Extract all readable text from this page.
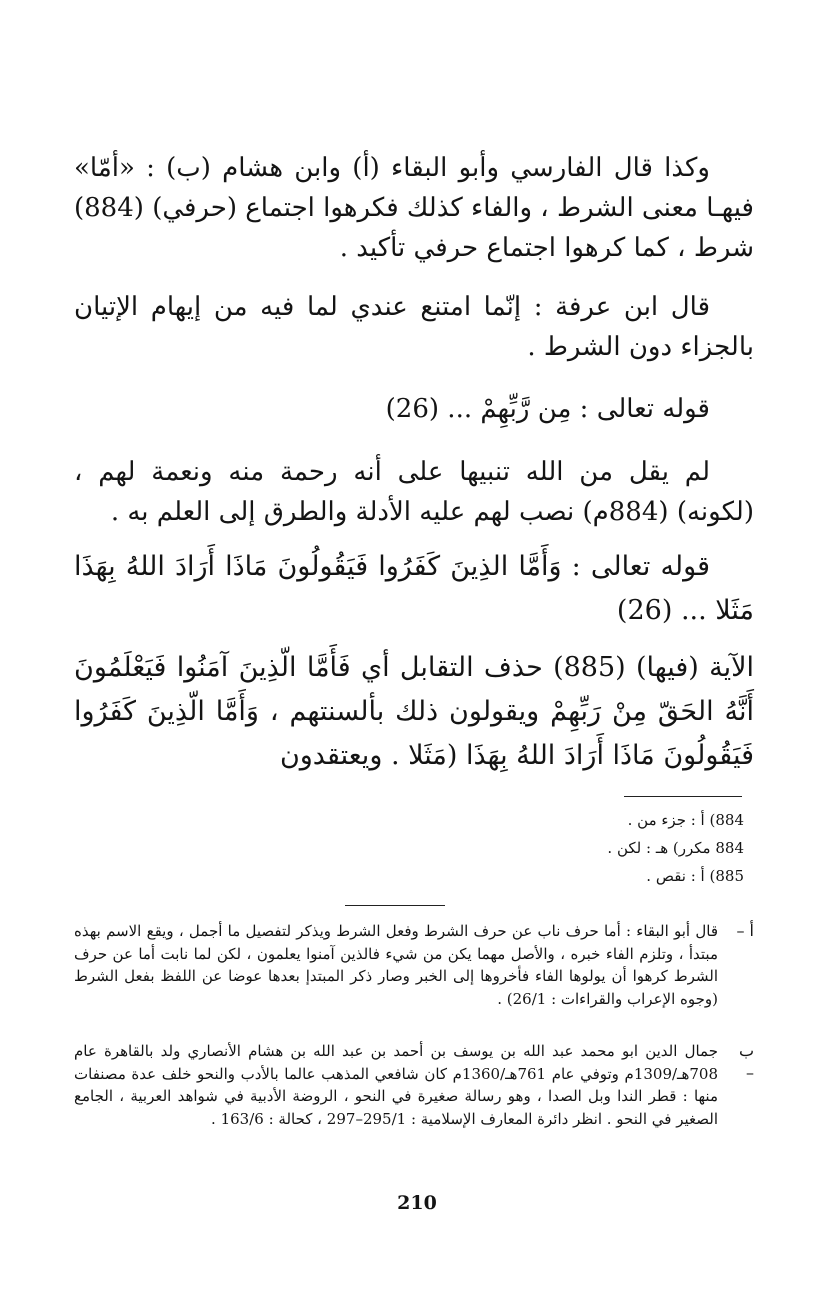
وكذا قال الفارسي وأبو البقاء (أ) وابن هشام (ب) : «أمّا» فيهـا معنى الشرط ، والفاء كذلك فكرهوا اجتماع (حرفي) (884) شرط ، كما كرهوا اجتماع حرفي تأكيد .

قال ابن عرفة : إنّما امتنع عندي لما فيه من إيهام الإتيان بالجزاء دون الشرط .

قوله تعالى : مِن رَّبِّهِمْ ... (26)

لم يقل من الله تنبيها على أنه رحمة منه ونعمة لهم ، (لكونه) (884م) نصب لهم عليه الأدلة والطرق إلى العلم به .

قوله تعالى : وَأَمَّا الذِينَ كَفَرُوا فَيَقُولُونَ مَاذَا أَرَادَ اللهُ بِهَذَا مَثَلا ... (26)

الآية (فيها) (885) حذف التقابل أي فَأَمَّا الّذِينَ آمَنُوا فَيَعْلَمُونَ أَنَّهُ الحَقّ مِنْ رَبِّهِمْ ويقولون ذلك بألسنتهم ، وَأَمَّا الّذِينَ كَفَرُوا فَيَقُولُونَ مَاذَا أَرَادَ اللهُ بِهَذَا (مَثَلا . ويعتقدون

884) أ : جزء من .

884 مكرر) هـ : لكن .

885) أ : نقص .

أ –

قال أبو البقاء : أما حرف ناب عن حرف الشرط وفعل الشرط ويذكر لتفصيل ما أجمل ، ويقع الاسم بهذه مبتدأ ، وتلزم الفاء خبره ، والأصل مهما يكن من شيء فالذين آمنوا يعلمون ، لكن لما نابت أما عن حرف الشرط كرهوا أن يولوها الفاء فأخروها إلى الخبر وصار ذكر المبتدإ بعدها عوضا عن اللفظ بفعل الشرط (وجوه الإعراب والقراءات : 26/1) .

ب –

جمال الدين ابو محمد عبد الله بن يوسف بن أحمد بن عبد الله بن هشام الأنصاري ولد بالقاهرة عام 708هـ/1309م وتوفي عام 761هـ/1360م كان شافعي المذهب عالما بالأدب والنحو خلف عدة مصنفات منها : قطر الندا وبل الصدا ، وهو رسالة صغيرة في النحو ، الروضة الأدبية في شواهد العربية ، الجامع الصغير في النحو . انظر دائرة المعارف الإسلامية : 295/1–297 ، كحالة : 163/6 .

210
